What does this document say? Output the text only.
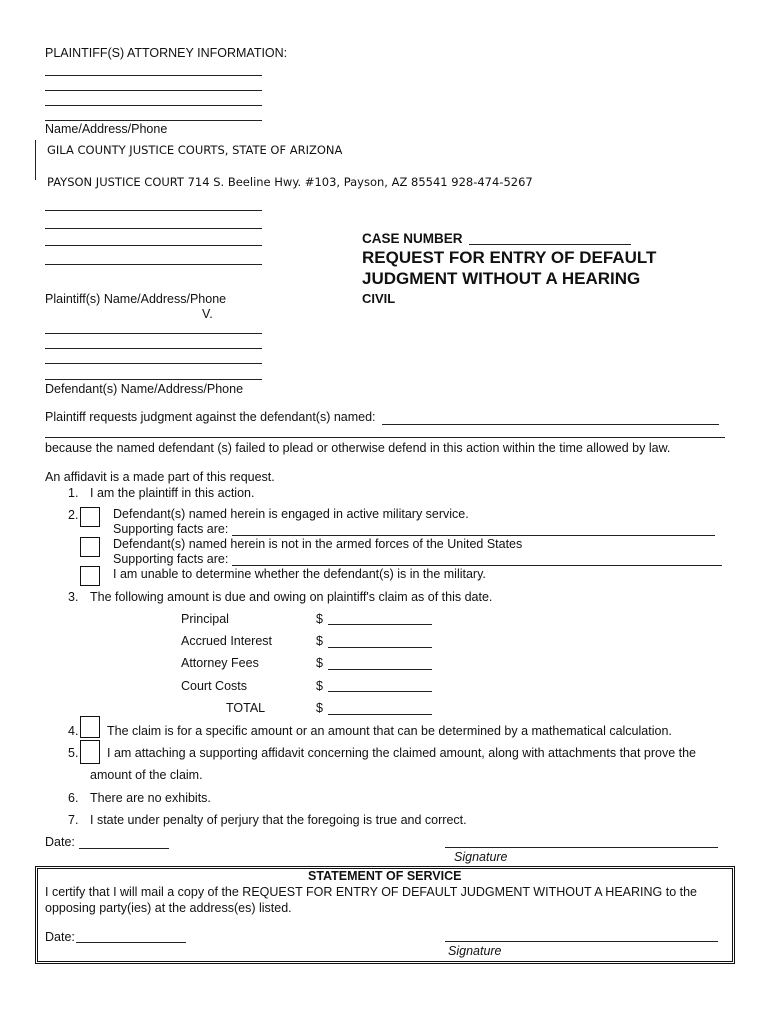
PLAINTIFF(S) ATTORNEY INFORMATION:
Name/Address/Phone
GILA COUNTY JUSTICE COURTS, STATE OF ARIZONA
PAYSON JUSTICE COURT 714 S. Beeline Hwy. #103, Payson, AZ 85541 928-474-5267
Plaintiff(s) Name/Address/Phone
V.
Defendant(s) Name/Address/Phone
CASE NUMBER
REQUEST FOR ENTRY OF DEFAULT
JUDGMENT WITHOUT A HEARING
CIVIL
Plaintiff requests judgment against the defendant(s) named:
because the named defendant (s) failed to plead or otherwise defend in this action within the time allowed by law.
An affidavit is a made part of this request.
1. I am the plaintiff in this action.
2.	Defendant(s) named herein is engaged in active military service.
Supporting facts are:
Defendant(s) named herein is not in the armed forces of the United States
Supporting facts are:
I am unable to determine whether the defendant(s) is in the military.
3. The following amount is due and owing on plaintiff's claim as of this date.
Principal	$
Accrued Interest	$
Attorney Fees	$
Court Costs	$
TOTAL	$
4. The claim is for a specific amount or an amount that can be determined by a mathematical calculation.
5. I am attaching a supporting affidavit concerning the claimed amount, along with attachments that prove the
amount of the claim.
6. There are no exhibits.
7. I state under penalty of perjury that the foregoing is true and correct.
Date:
Signature
STATEMENT OF SERVICE
I certify that I will mail a copy of the REQUEST FOR ENTRY OF DEFAULT JUDGMENT WITHOUT A HEARING to the
opposing party(ies) at the address(es) listed.
Date:
Signature
